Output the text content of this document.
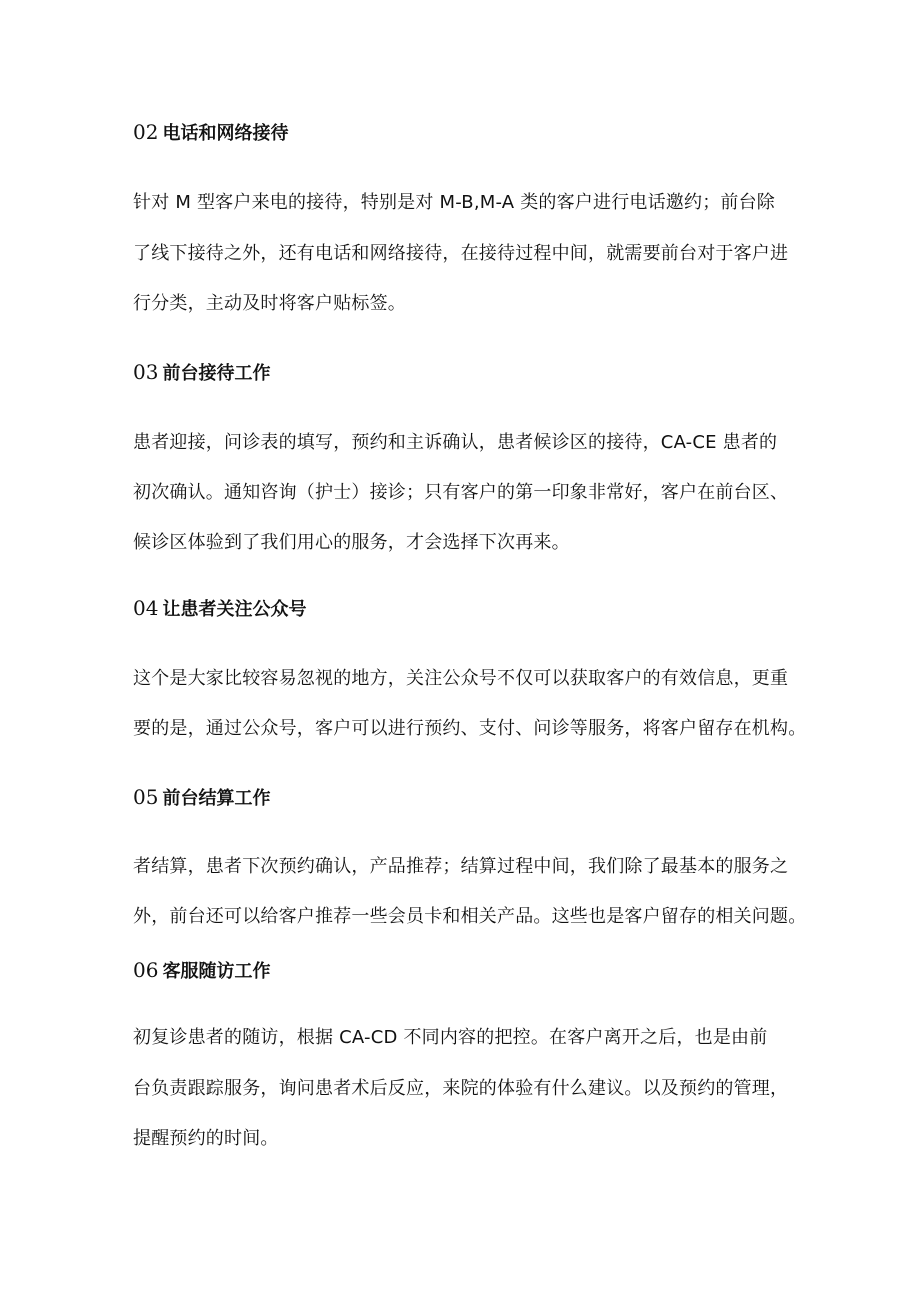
02 电话和网络接待
针对 M 型客户来电的接待，特别是对 M-B,M-A 类的客户进行电话邀约；前台除
了线下接待之外，还有电话和网络接待，在接待过程中间，就需要前台对于客户进
行分类，主动及时将客户贴标签。
03 前台接待工作
患者迎接，问诊表的填写，预约和主诉确认，患者候诊区的接待，CA-CE 患者的
初次确认。通知咨询（护士）接诊；只有客户的第一印象非常好，客户在前台区、
候诊区体验到了我们用心的服务，才会选择下次再来。
04 让患者关注公众号
这个是大家比较容易忽视的地方，关注公众号不仅可以获取客户的有效信息，更重
要的是，通过公众号，客户可以进行预约、支付、问诊等服务，将客户留存在机构。
05 前台结算工作
者结算，患者下次预约确认，产品推荐；结算过程中间，我们除了最基本的服务之
外，前台还可以给客户推荐一些会员卡和相关产品。这些也是客户留存的相关问题。
06 客服随访工作
初复诊患者的随访，根据 CA-CD 不同内容的把控。在客户离开之后，也是由前
台负责跟踪服务，询问患者术后反应，来院的体验有什么建议。以及预约的管理，
提醒预约的时间。
